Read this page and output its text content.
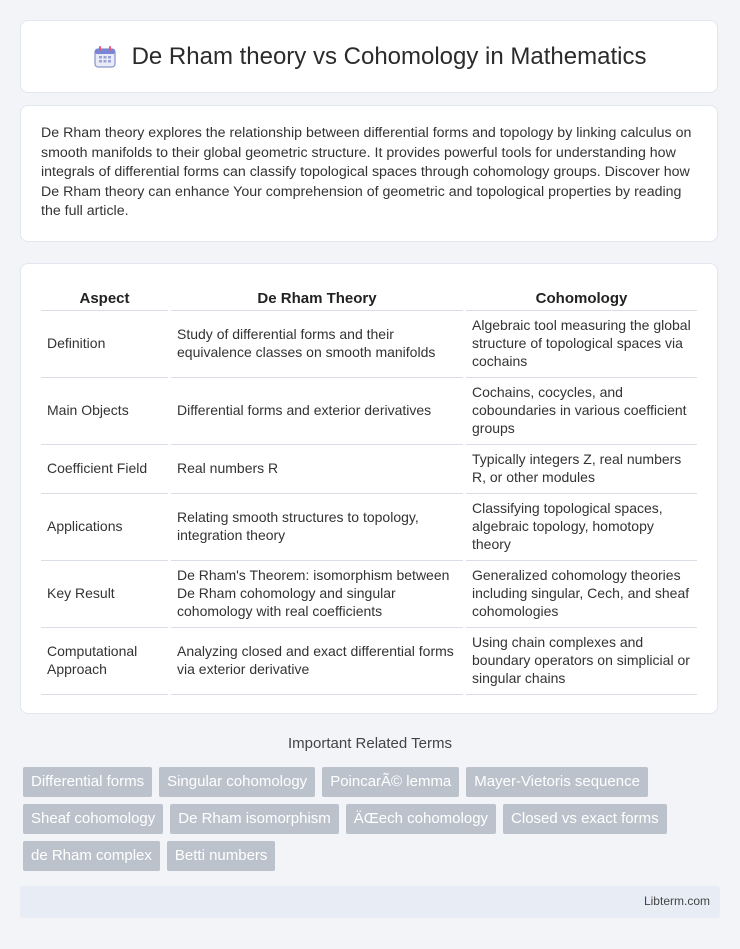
De Rham theory vs Cohomology in Mathematics
De Rham theory explores the relationship between differential forms and topology by linking calculus on smooth manifolds to their global geometric structure. It provides powerful tools for understanding how integrals of differential forms can classify topological spaces through cohomology groups. Discover how De Rham theory can enhance Your comprehension of geometric and topological properties by reading the full article.
Aspect	De Rham Theory	Cohomology
Definition	Study of differential forms and their equivalence classes on smooth manifolds	Algebraic tool measuring the global structure of topological spaces via cochains
Main Objects	Differential forms and exterior derivatives	Cochains, cocycles, and coboundaries in various coefficient groups
Coefficient Field	Real numbers R	Typically integers Z, real numbers R, or other modules
Applications	Relating smooth structures to topology, integration theory	Classifying topological spaces, algebraic topology, homotopy theory
Key Result	De Rham's Theorem: isomorphism between De Rham cohomology and singular cohomology with real coefficients	Generalized cohomology theories including singular, Cech, and sheaf cohomologies
Computational Approach	Analyzing closed and exact differential forms via exterior derivative	Using chain complexes and boundary operators on simplicial or singular chains
Important Related Terms
Differential forms	Singular cohomology	PoincarÃ© lemma	Mayer-Vietoris sequence
Sheaf cohomology	De Rham isomorphism	ÄŒech cohomology	Closed vs exact forms
de Rham complex	Betti numbers
Libterm.com
